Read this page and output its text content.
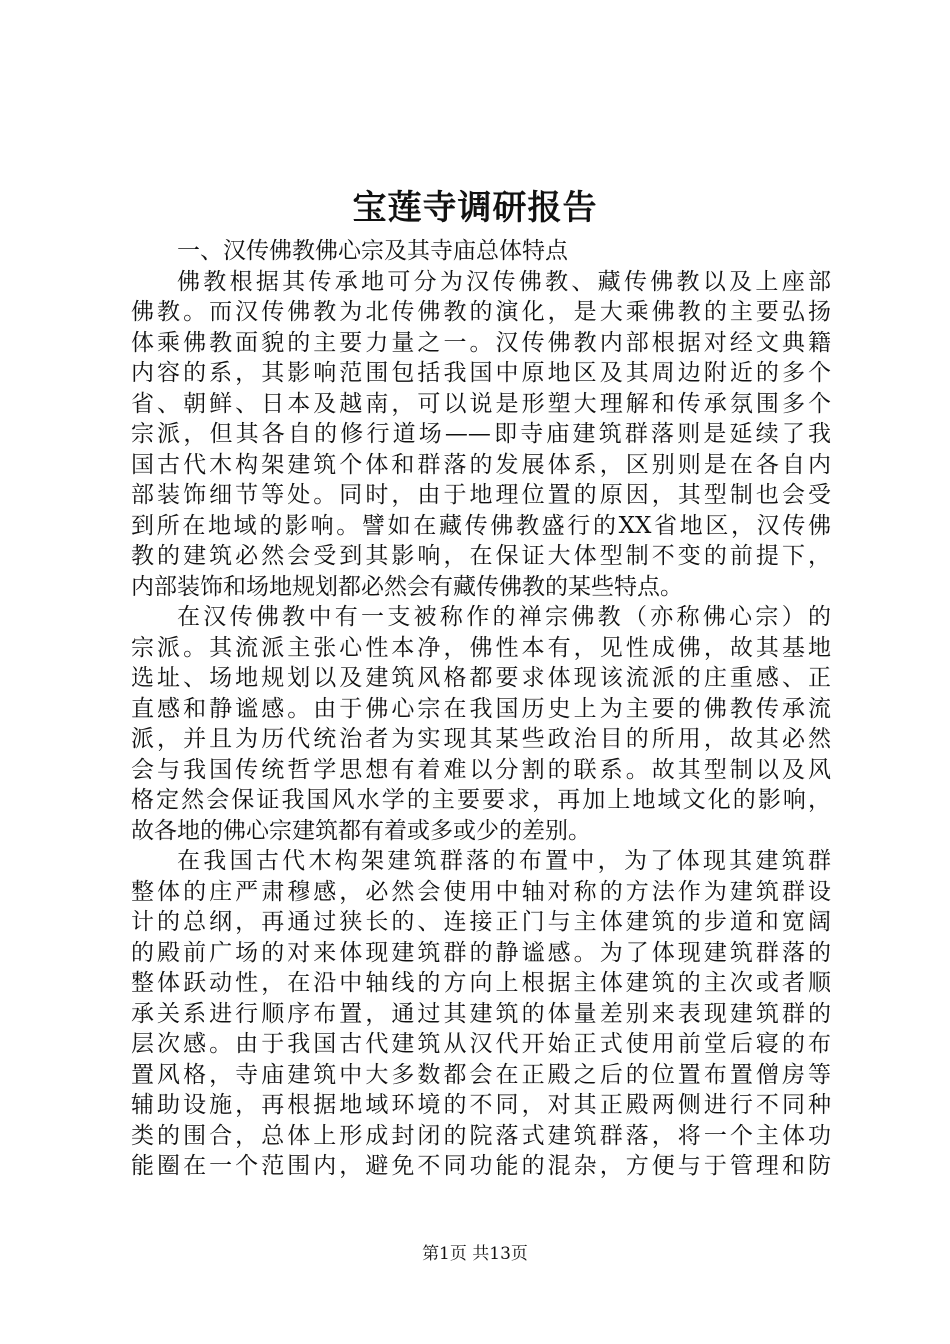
宝莲寺调研报告
一、汉传佛教佛心宗及其寺庙总体特点
佛教根据其传承地可分为汉传佛教、藏传佛教以及上座部
佛教。而汉传佛教为北传佛教的演化，是大乘佛教的主要弘扬
体乘佛教面貌的主要力量之一。汉传佛教内部根据对经文典籍
内容的系，其影响范围包括我国中原地区及其周边附近的多个
省、朝鲜、日本及越南，可以说是形塑大理解和传承氛围多个
宗派，但其各自的修行道场——即寺庙建筑群落则是延续了我
国古代木构架建筑个体和群落的发展体系，区别则是在各自内
部装饰细节等处。同时，由于地理位置的原因，其型制也会受
到所在地域的影响。譬如在藏传佛教盛行的XX省地区，汉传佛
教的建筑必然会受到其影响，在保证大体型制不变的前提下，
内部装饰和场地规划都必然会有藏传佛教的某些特点。
在汉传佛教中有一支被称作的禅宗佛教（亦称佛心宗）的
宗派。其流派主张心性本净，佛性本有，见性成佛，故其基地
选址、场地规划以及建筑风格都要求体现该流派的庄重感、正
直感和静谧感。由于佛心宗在我国历史上为主要的佛教传承流
派，并且为历代统治者为实现其某些政治目的所用，故其必然
会与我国传统哲学思想有着难以分割的联系。故其型制以及风
格定然会保证我国风水学的主要要求，再加上地域文化的影响，
故各地的佛心宗建筑都有着或多或少的差别。
在我国古代木构架建筑群落的布置中，为了体现其建筑群
整体的庄严肃穆感，必然会使用中轴对称的方法作为建筑群设
计的总纲，再通过狭长的、连接正门与主体建筑的步道和宽阔
的殿前广场的对来体现建筑群的静谧感。为了体现建筑群落的
整体跃动性，在沿中轴线的方向上根据主体建筑的主次或者顺
承关系进行顺序布置，通过其建筑的体量差别来表现建筑群的
层次感。由于我国古代建筑从汉代开始正式使用前堂后寝的布
置风格，寺庙建筑中大多数都会在正殿之后的位置布置僧房等
辅助设施，再根据地域环境的不同，对其正殿两侧进行不同种
类的围合，总体上形成封闭的院落式建筑群落，将一个主体功
能圈在一个范围内，避免不同功能的混杂，方便与于管理和防
第1页 共13页
